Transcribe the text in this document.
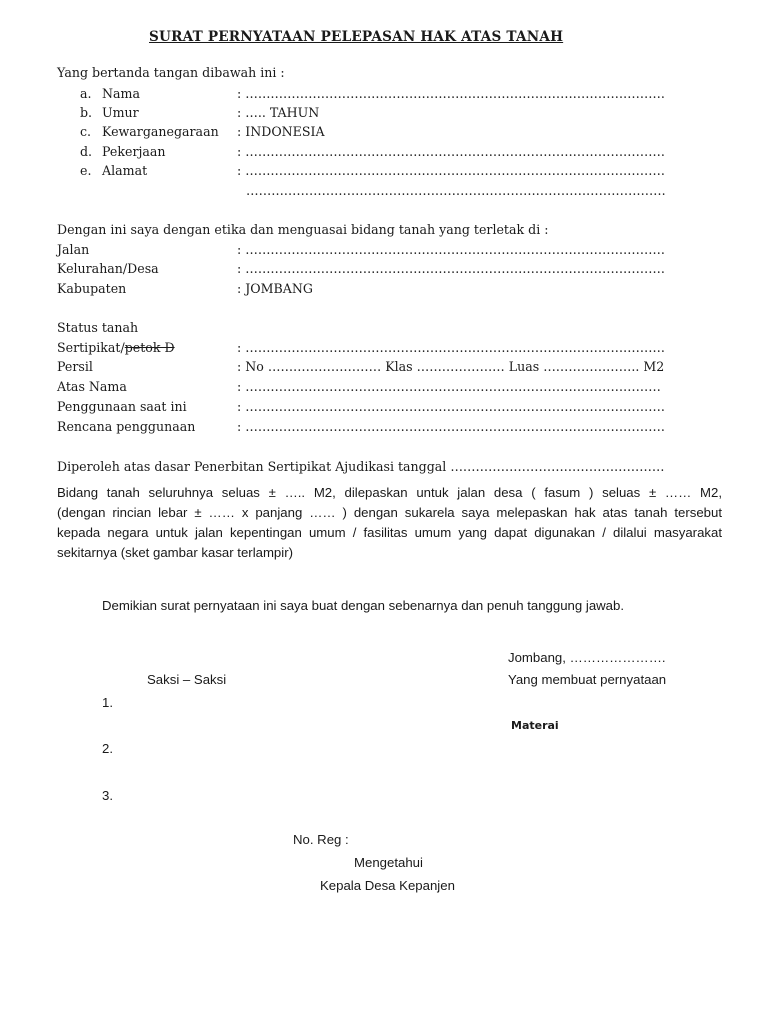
SURAT PERNYATAAN PELEPASAN HAK ATAS TANAH
Yang bertanda tangan dibawah ini :
a. Nama	: ……………………………………………………………………………………….
b. Umur	: ….. TAHUN
c. Kewarganegaraan : INDONESIA
d. Pekerjaan	: ……………………………………………………………………………………….
e. Alamat	: ……………………………………………………………………………………….
……………………………………………………………………………………….
Dengan ini saya dengan etika dan menguasai bidang tanah yang terletak di :
Jalan	: ……………………………………………………………………………………….
Kelurahan/Desa	: ……………………………………………………………………………………….
Kabupaten	: JOMBANG
Status tanah
Sertipikat/petok D	: ……………………………………………………………………………………….
Persil	: No ……………………… Klas ………………… Luas ………………….. M2
Atas Nama	: ………………………………………………………………………………………
Penggunaan saat ini	: ……………………………………………………………………………………….
Rencana penggunaan	: ……………………………………………………………………………………….
Diperoleh atas dasar Penerbitan Sertipikat Ajudikasi tanggal ……………………………………………
Bidang tanah seluruhnya seluas ± ….. M2, dilepaskan untuk jalan desa ( fasum ) seluas ± …… M2,
(dengan rincian lebar ± …… x panjang …… ) dengan sukarela saya melepaskan hak atas tanah tersebut
kepada negara untuk jalan kepentingan umum / fasilitas umum yang dapat digunakan / dilalui masyarakat
sekitarnya (sket gambar kasar terlampir)
Demikian surat pernyataan ini saya buat dengan sebenarnya dan penuh tanggung jawab.
Jombang, ………………….
Saksi – Saksi	Yang membuat pernyataan
1.
Materai
2.
3.
No. Reg :
Mengetahui
Kepala Desa Kepanjen
